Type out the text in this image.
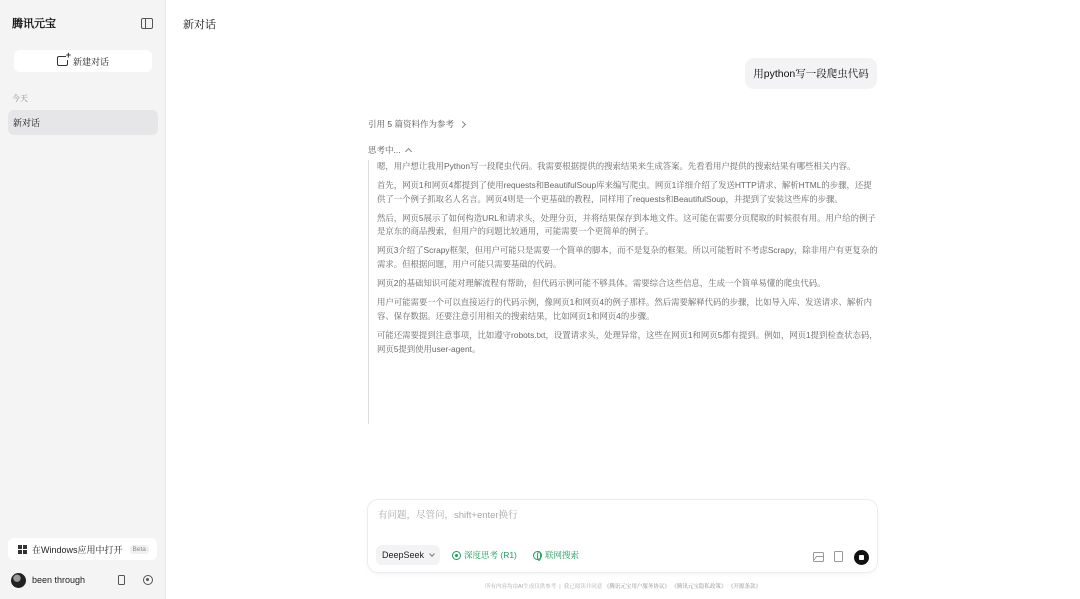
腾讯元宝
+
新建对话
今天
新对话
在Windows应用中打开	Beta
been through
新对话
用python写一段爬虫代码
引用 5 篇资料作为参考
思考中...

嗯，用户想让我用Python写一段爬虫代码。我需要根据提供的搜索结果来生成答案。先看看用户提供的搜索结果有哪些相关内容。

首先，网页1和网页4都提到了使用requests和BeautifulSoup库来编写爬虫。网页1详细介绍了发送HTTP请求、解析HTML的步骤，还提供了一个例子抓取名人名言。网页4则是一个更基础的教程，同样用了requests和BeautifulSoup，并提到了安装这些库的步骤。

然后，网页5展示了如何构造URL和请求头，处理分页，并将结果保存到本地文件。这可能在需要分页爬取的时候很有用。用户给的例子是京东的商品搜索，但用户的问题比较通用，可能需要一个更简单的例子。

网页3介绍了Scrapy框架，但用户可能只是需要一个简单的脚本，而不是复杂的框架。所以可能暂时不考虑Scrapy，除非用户有更复杂的需求。但根据问题，用户可能只需要基础的代码。

网页2的基础知识可能对理解流程有帮助，但代码示例可能不够具体。需要综合这些信息，生成一个简单易懂的爬虫代码。

用户可能需要一个可以直接运行的代码示例，像网页1和网页4的例子那样。然后需要解释代码的步骤，比如导入库、发送请求、解析内容、保存数据。还要注意引用相关的搜索结果，比如网页1和网页4的步骤。

可能还需要提到注意事项，比如遵守robots.txt，设置请求头，处理异常，这些在网页1和网页5都有提到。例如，网页1提到检查状态码，网页5提到使用user-agent。

有问题，尽管问，shift+enter换行
DeepSeek	深度思考 (R1)	联网搜索
所有内容均由AI生成仅供参考  |  我已阅读并同意 《腾讯元宝用户服务协议》 《腾讯元宝隐私政策》 《开源条款》
